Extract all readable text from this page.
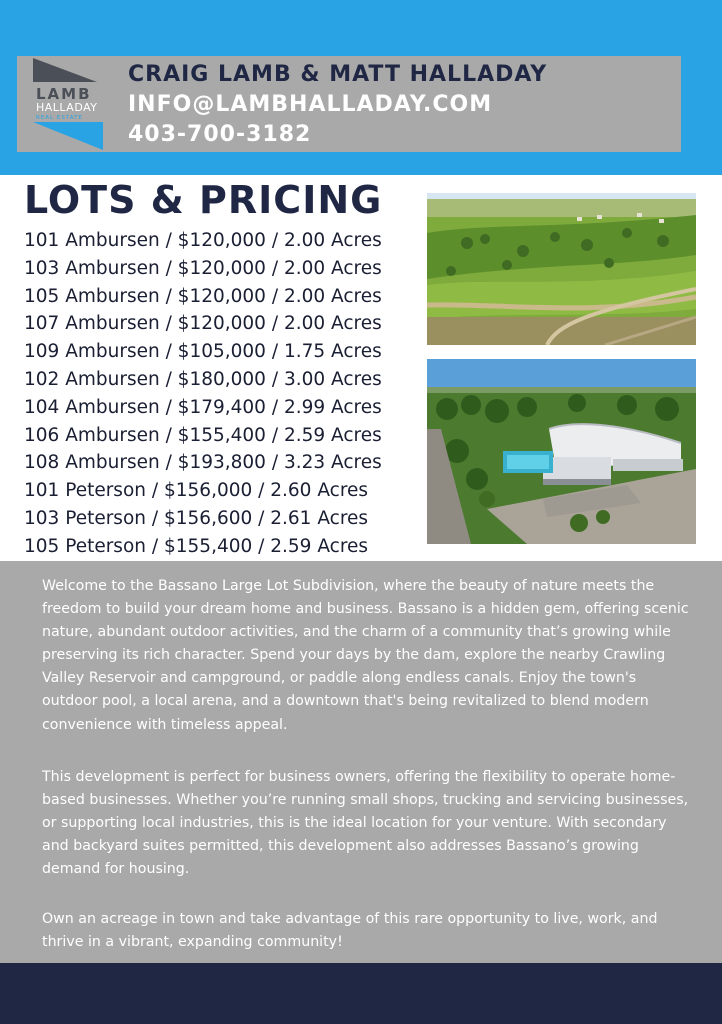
LAMB
HALLADAY
REAL ESTATE
CRAIG LAMB & MATT HALLADAY
INFO@LAMBHALLADAY.COM
403-700-3182
LOTS & PRICING
101 Ambursen / $120,000 / 2.00 Acres
103 Ambursen / $120,000 / 2.00 Acres
105 Ambursen / $120,000 / 2.00 Acres
107 Ambursen / $120,000 / 2.00 Acres
109 Ambursen / $105,000 / 1.75 Acres
102 Ambursen / $180,000 / 3.00 Acres
104 Ambursen / $179,400 / 2.99 Acres
106 Ambursen / $155,400 / 2.59 Acres
108 Ambursen / $193,800 / 3.23 Acres
101 Peterson / $156,000 / 2.60 Acres
103 Peterson / $156,600 / 2.61 Acres
105 Peterson / $155,400 / 2.59 Acres

Welcome to the Bassano Large Lot Subdivision, where the beauty of nature meets the freedom to build your dream home and business. Bassano is a hidden gem, offering scenic nature, abundant outdoor activities, and the charm of a community that’s growing while preserving its rich character. Spend your days by the dam, explore the nearby Crawling Valley Reservoir and campground, or paddle along endless canals. Enjoy the town's outdoor pool, a local arena, and a downtown that's being revitalized to blend modern convenience with timeless appeal.

This development is perfect for business owners, offering the flexibility to operate home-based businesses. Whether you’re running small shops, trucking and servicing businesses, or supporting local industries, this is the ideal location for your venture. With secondary and backyard suites permitted, this development also addresses Bassano’s growing demand for housing.

Own an acreage in town and take advantage of this rare opportunity to live, work, and thrive in a vibrant, expanding community!
